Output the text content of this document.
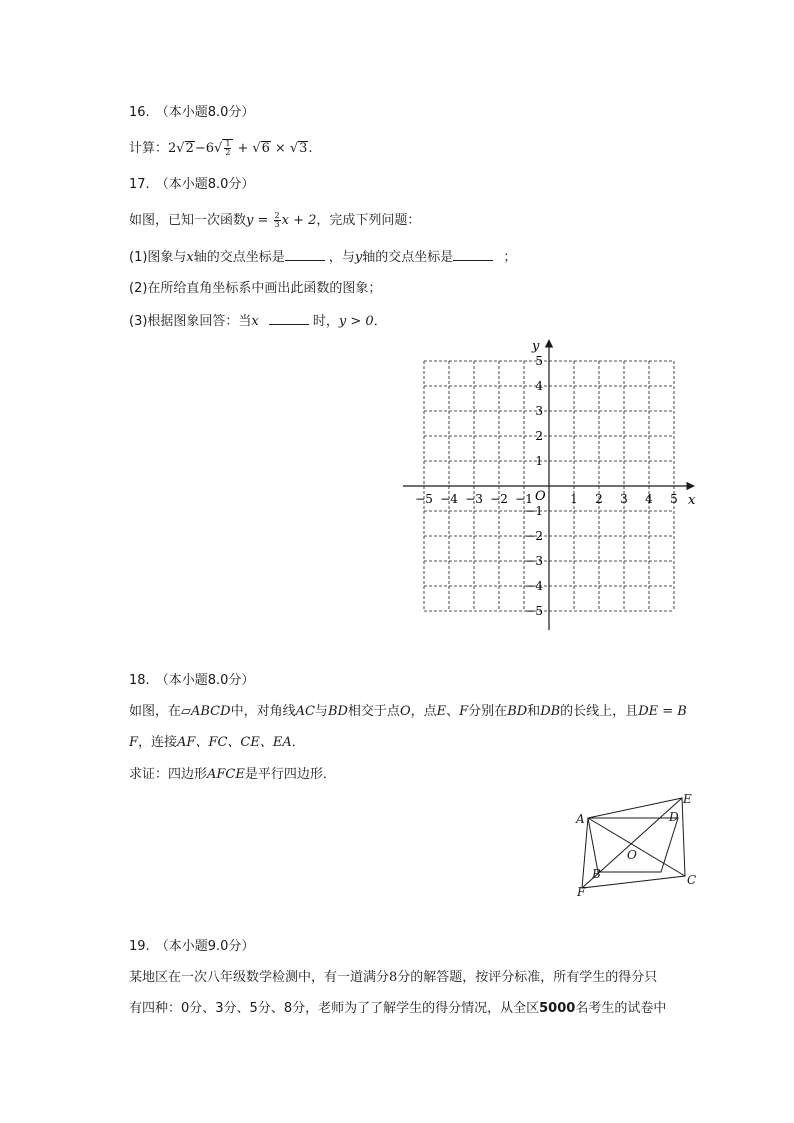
16. （本小题8.0分）
计算：$2√2-6√ \frac{1}{2} + √6 \times √3$.
17. （本小题8.0分）
如图，已知一次函数$y = \frac{2}{3}$ x + 2，完成下列问题：
(1)图象与x轴的交点坐标是	，与y轴的交点坐标是	；
(2)在所给直角坐标系中画出此函数的图象；
(3)根据图象回答：当x	时，y > 0．
x
y
O
−5 −4 −3 −2 −1	1 2 3 4 5
5
4
3
2
1
−1
−2
−3
−4
−5
18. （本小题8.0分）
如图，在▱ABCD中，对角线AC与BD相交于点O，点E、F分别在BD和DB的长线上，且DE = B
F，连接AF、FC、CE、EA．
求证：四边形AFCE是平行四边形．
A
B	C
D
E
F
O
19. （本小题9.0分）
某地区在一次八年级数学检测中，有一道满分8分的解答题，按评分标准，所有学生的得分只
有四种：0分、3分、5分、8分，老师为了了解学生的得分情况，从全区5000名考生的试卷中
